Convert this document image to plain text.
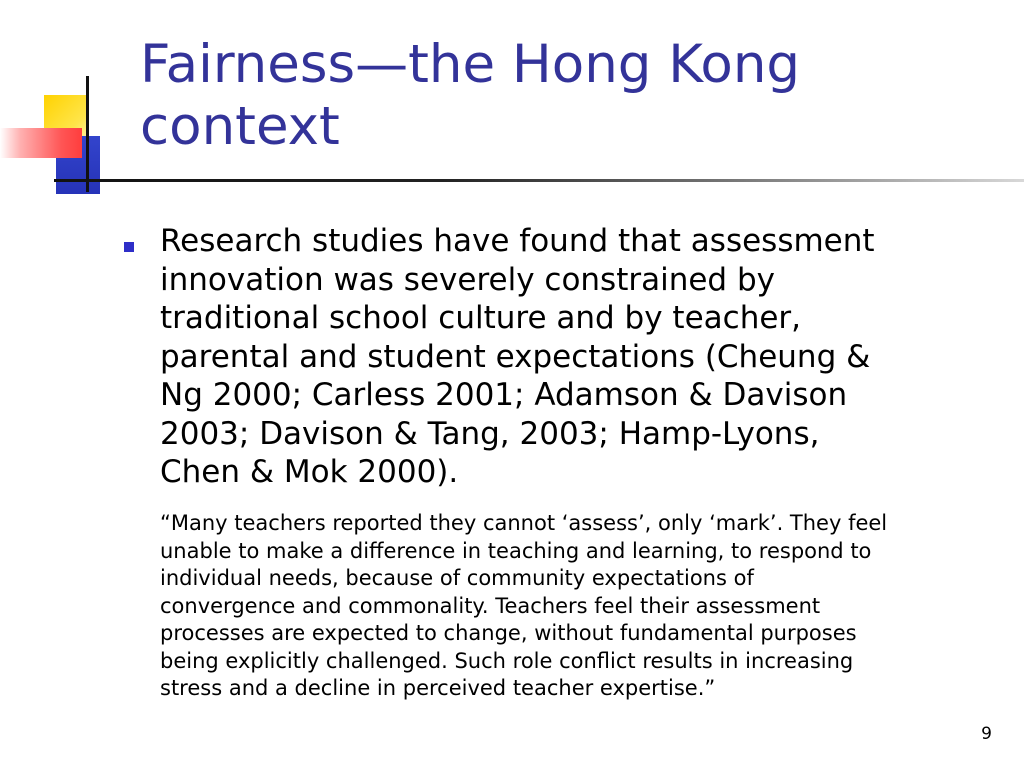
Fairness—the Hong Kong
context

Research studies have found that assessment
innovation was severely constrained by
traditional school culture and by teacher,
parental and student expectations (Cheung &
Ng 2000; Carless 2001; Adamson & Davison
2003; Davison & Tang, 2003; Hamp-Lyons,
Chen & Mok 2000).

“Many teachers reported they cannot ‘assess’, only ‘mark’. They feel
unable to make a difference in teaching and learning, to respond to
individual needs, because of community expectations of
convergence and commonality. Teachers feel their assessment
processes are expected to change, without fundamental purposes
being explicitly challenged. Such role conflict results in increasing
stress and a decline in perceived teacher expertise.”

9
